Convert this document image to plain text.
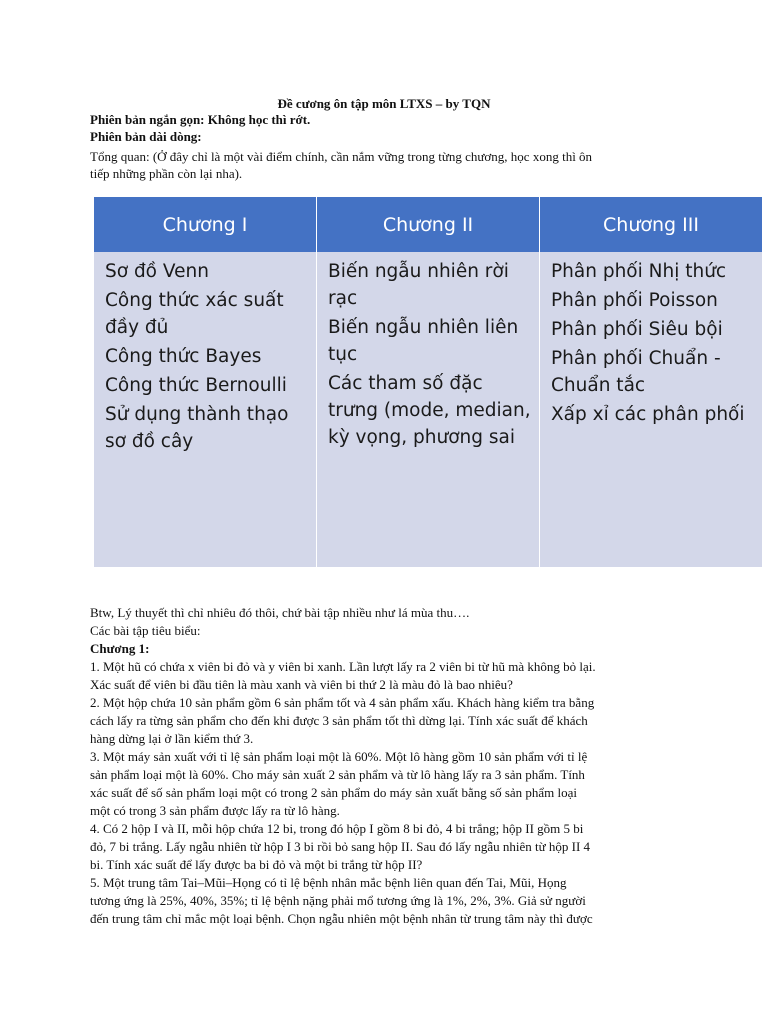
Đề cương ôn tập môn LTXS – by TQN
Phiên bản ngắn gọn: Không học thì rớt.
Phiên bản dài dòng:
Tổng quan: (Ở đây chỉ là một vài điểm chính, cần nắm vững trong từng chương, học xong thì ôn
tiếp những phần còn lại nha).
Chương I
Sơ đồ Venn
Công thức xác suất đầy đủ
Công thức Bayes
Công thức Bernoulli
Sử dụng thành thạo sơ đồ cây
Chương II
Biến ngẫu nhiên rời rạc
Biến ngẫu nhiên liên tục
Các tham số đặc trưng (mode, median, kỳ vọng, phương sai
Chương III
Phân phối Nhị thức
Phân phối Poisson
Phân phối Siêu bội
Phân phối Chuẩn - Chuẩn tắc
Xấp xỉ các phân phối

Btw, Lý thuyết thì chỉ nhiêu đó thôi, chứ bài tập nhiều như lá mùa thu….

Các bài tập tiêu biểu:

Chương 1:

1. Một hũ có chứa x viên bi đỏ và y viên bi xanh. Lần lượt lấy ra 2 viên bi từ hũ mà không bỏ lại.

Xác suất để viên bi đầu tiên là màu xanh và viên bi thứ 2 là màu đỏ là bao nhiêu?

2. Một hộp chứa 10 sản phẩm gồm 6 sản phẩm tốt và 4 sản phẩm xấu. Khách hàng kiểm tra bằng

cách lấy ra từng sản phẩm cho đến khi được 3 sản phẩm tốt thì dừng lại. Tính xác suất để khách

hàng dừng lại ở lần kiểm thứ 3.

3. Một máy sản xuất với tỉ lệ sản phẩm loại một là 60%. Một lô hàng gồm 10 sản phẩm với tỉ lệ

sản phẩm loại một là 60%. Cho máy sản xuất 2 sản phẩm và từ lô hàng lấy ra 3 sản phẩm. Tính

xác suất để số sản phẩm loại một có trong 2 sản phẩm do máy sản xuất bằng số sản phẩm loại

một có trong 3 sản phẩm được lấy ra từ lô hàng.

4. Có 2 hộp I và II, mỗi hộp chứa 12 bi, trong đó hộp I gồm 8 bi đỏ, 4 bi trắng; hộp II gồm 5 bi

đỏ, 7 bi trắng. Lấy ngẫu nhiên từ hộp I 3 bi rồi bỏ sang hộp II. Sau đó lấy ngẫu nhiên từ hộp II 4

bi. Tính xác suất để lấy được ba bi đỏ và một bi trắng từ hộp II?

5. Một trung tâm Tai–Mũi–Họng có tỉ lệ bệnh nhân mắc bệnh liên quan đến Tai, Mũi, Họng

tương ứng là 25%, 40%, 35%; tỉ lệ bệnh nặng phải mổ tương ứng là 1%, 2%, 3%. Giả sử người

đến trung tâm chỉ mắc một loại bệnh. Chọn ngẫu nhiên một bệnh nhân từ trung tâm này thì được
